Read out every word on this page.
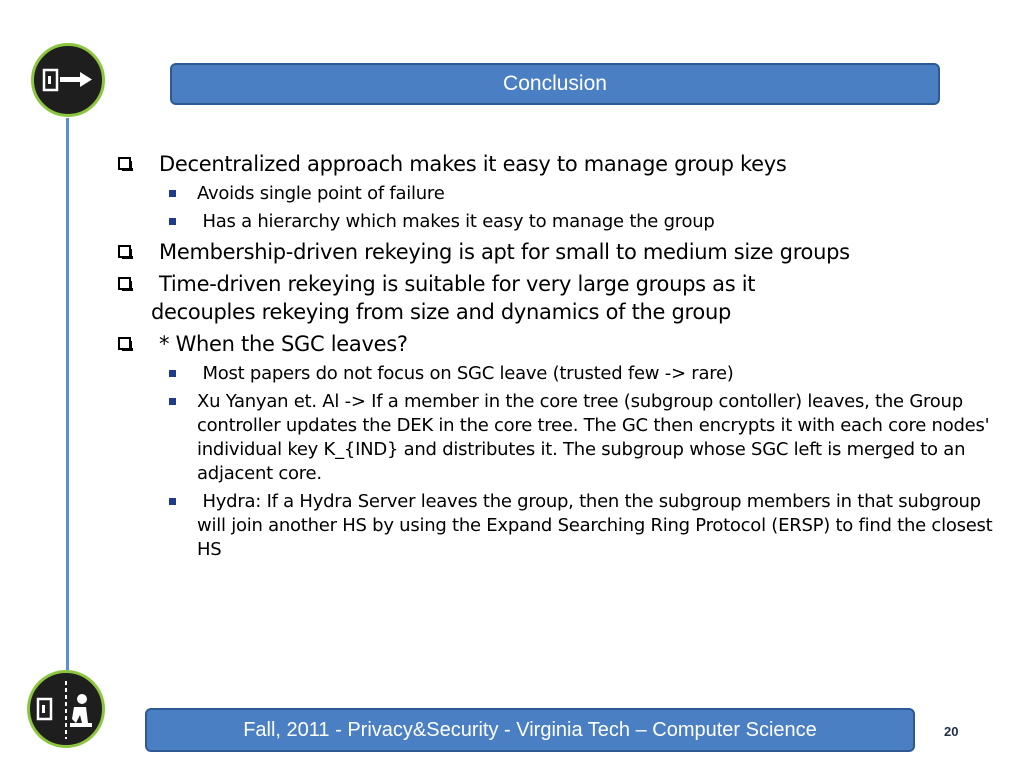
Conclusion
Decentralized approach makes it easy to manage group keys
Avoids single point of failure
Has a hierarchy which makes it easy to manage the group
Membership-driven rekeying is apt for small to medium size groups
Time-driven rekeying is suitable for very large groups as it
decouples rekeying from size and dynamics of the group
* When the SGC leaves?
Most papers do not focus on SGC leave (trusted few -> rare)
Xu Yanyan et. Al -> If a member in the core tree (subgroup contoller) leaves, the Group controller updates the DEK in the core tree. The GC then encrypts it with each core nodes' individual key K_{IND} and distributes it. The subgroup whose SGC left is merged to an adjacent core.
Hydra: If a Hydra Server leaves the group, then the subgroup members in that subgroup will join another HS by using the Expand Searching Ring Protocol (ERSP) to find the closest HS
Fall, 2011 - Privacy&Security - Virginia Tech – Computer Science	20
